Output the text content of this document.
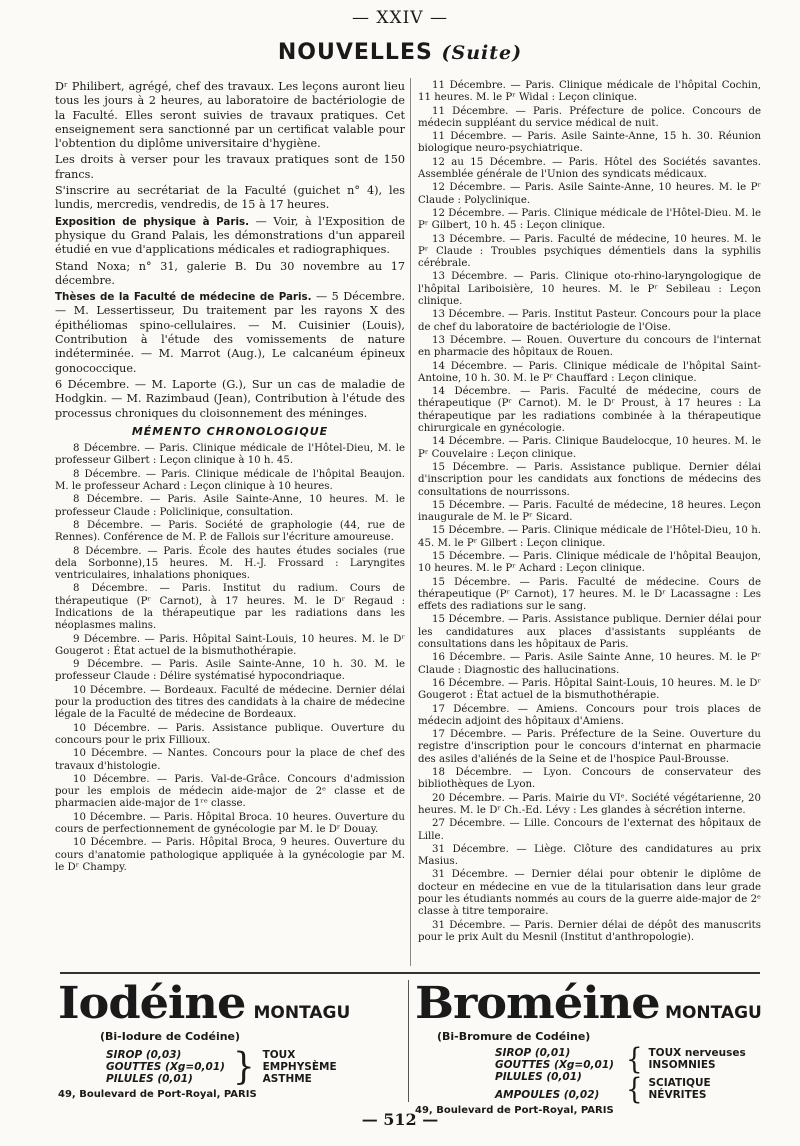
— XXIV —
NOUVELLES (Suite)

Dʳ Philibert, agrégé, chef des travaux. Les leçons auront lieu tous les jours à 2 heures, au laboratoire de bactériologie de la Faculté. Elles seront suivies de travaux pratiques. Cet enseignement sera sanctionné par un certificat valable pour l'obtention du diplôme universitaire d'hygiène.

Les droits à verser pour les travaux pratiques sont de 150 francs.

S'inscrire au secrétariat de la Faculté (guichet n° 4), les lundis, mercredis, vendredis, de 15 à 17 heures.

Exposition de physique à Paris. — Voir, à l'Exposition de physique du Grand Palais, les démonstrations d'un appareil étudié en vue d'applications médicales et radiographiques.

Stand Noxa; n° 31, galerie B. Du 30 novembre au 17 décembre.

Thèses de la Faculté de médecine de Paris. — 5 Décembre. — M. Lessertisseur, Du traitement par les rayons X des épithéliomas spino-cellulaires. — M. Cuisinier (Louis), Contribution à l'étude des vomissements de nature indéterminée. — M. Marrot (Aug.), Le calcanéum épineux gonococcique.

6 Décembre. — M. Laporte (G.), Sur un cas de maladie de Hodgkin. — M. Razimbaud (Jean), Contribution à l'étude des processus chroniques du cloisonnement des méninges.

MÉMENTO CHRONOLOGIQUE

8 Décembre. — Paris. Clinique médicale de l'Hôtel-Dieu, M. le professeur Gilbert : Leçon clinique à 10 h. 45.

8 Décembre. — Paris. Clinique médicale de l'hôpital Beaujon. M. le professeur Achard : Leçon clinique à 10 heures.

8 Décembre. — Paris. Asile Sainte-Anne, 10 heures. M. le professeur Claude : Policlinique, consultation.

8 Décembre. — Paris. Société de graphologie (44, rue de Rennes). Conférence de M. P. de Fallois sur l'écriture amoureuse.

8 Décembre. — Paris. École des hautes études sociales (rue dela Sorbonne),15 heures. M. H.-J. Frossard : Laryngites ventriculaires, inhalations phoniques.

8 Décembre. — Paris. Institut du radium. Cours de thérapeutique (Pʳ Carnot), à 17 heures. M. le Dʳ Regaud : Indications de la thérapeutique par les radiations dans les néoplasmes malins.

9 Décembre. — Paris. Hôpital Saint-Louis, 10 heures. M. le Dʳ Gougerot : État actuel de la bismuthothérapie.

9 Décembre. — Paris. Asile Sainte-Anne, 10 h. 30. M. le professeur Claude : Délire systématisé hypocondriaque.

10 Décembre. — Bordeaux. Faculté de médecine. Dernier délai pour la production des titres des candidats à la chaire de médecine légale de la Faculté de médecine de Bordeaux.

10 Décembre. — Paris. Assistance publique. Ouverture du concours pour le prix Fillioux.

10 Décembre. — Nantes. Concours pour la place de chef des travaux d'histologie.

10 Décembre. — Paris. Val-de-Grâce. Concours d'admission pour les emplois de médecin aide-major de 2ᵉ classe et de pharmacien aide-major de 1ʳᵉ classe.

10 Décembre. — Paris. Hôpital Broca. 10 heures. Ouverture du cours de perfectionnement de gynécologie par M. le Dʳ Douay.

10 Décembre. — Paris. Hôpital Broca, 9 heures. Ouverture du cours d'anatomie pathologique appliquée à la gynécologie par M. le Dʳ Champy.

11 Décembre. — Paris. Clinique médicale de l'hôpital Cochin, 11 heures. M. le Pʳ Widal : Leçon clinique.

11 Décembre. — Paris. Préfecture de police. Concours de médecin suppléant du service médical de nuit.

11 Décembre. — Paris. Asile Sainte-Anne, 15 h. 30. Réunion biologique neuro-psychiatrique.

12 au 15 Décembre. — Paris. Hôtel des Sociétés savantes. Assemblée générale de l'Union des syndicats médicaux.

12 Décembre. — Paris. Asile Sainte-Anne, 10 heures. M. le Pʳ Claude : Polyclinique.

12 Décembre. — Paris. Clinique médicale de l'Hôtel-Dieu. M. le Pʳ Gilbert, 10 h. 45 : Leçon clinique.

13 Décembre. — Paris. Faculté de médecine, 10 heures. M. le Pʳ Claude : Troubles psychiques démentiels dans la syphilis cérébrale.

13 Décembre. — Paris. Clinique oto-rhino-laryngologique de l'hôpital Lariboisière, 10 heures. M. le Pʳ Sebileau : Leçon clinique.

13 Décembre. — Paris. Institut Pasteur. Concours pour la place de chef du laboratoire de bactériologie de l'Oise.

13 Décembre. — Rouen. Ouverture du concours de l'internat en pharmacie des hôpitaux de Rouen.

14 Décembre. — Paris. Clinique médicale de l'hôpital Saint-Antoine, 10 h. 30. M. le Pʳ Chauffard : Leçon clinique.

14 Décembre. — Paris. Faculté de médecine, cours de thérapeutique (Pʳ Carnot). M. le Dʳ Proust, à 17 heures : La thérapeutique par les radiations combinée à la thérapeutique chirurgicale en gynécologie.

14 Décembre. — Paris. Clinique Baudelocque, 10 heures. M. le Pʳ Couvelaire : Leçon clinique.

15 Décembre. — Paris. Assistance publique. Dernier délai d'inscription pour les candidats aux fonctions de médecins des consultations de nourrissons.

15 Décembre. — Paris. Faculté de médecine, 18 heures. Leçon inaugurale de M. le Pʳ Sicard.

15 Décembre. — Paris. Clinique médicale de l'Hôtel-Dieu, 10 h. 45. M. le Pʳ Gilbert : Leçon clinique.

15 Décembre. — Paris. Clinique médicale de l'hôpital Beaujon, 10 heures. M. le Pʳ Achard : Leçon clinique.

15 Décembre. — Paris. Faculté de médecine. Cours de thérapeutique (Pʳ Carnot), 17 heures. M. le Dʳ Lacassagne : Les effets des radiations sur le sang.

15 Décembre. — Paris. Assistance publique. Dernier délai pour les candidatures aux places d'assistants suppléants de consultations dans les hôpitaux de Paris.

16 Décembre. — Paris. Asile Sainte Anne, 10 heures. M. le Pʳ Claude : Diagnostic des hallucinations.

16 Décembre. — Paris. Hôpital Saint-Louis, 10 heures. M. le Dʳ Gougerot : État actuel de la bismuthothérapie.

17 Décembre. — Amiens. Concours pour trois places de médecin adjoint des hôpitaux d'Amiens.

17 Décembre. — Paris. Préfecture de la Seine. Ouverture du registre d'inscription pour le concours d'internat en pharmacie des asiles d'aliénés de la Seine et de l'hospice Paul-Brousse.

18 Décembre. — Lyon. Concours de conservateur des bibliothèques de Lyon.

20 Décembre. — Paris. Mairie du VIᵉ. Société végétarienne, 20 heures. M. le Dʳ Ch.-Ed. Lévy : Les glandes à sécrétion interne.

27 Décembre. — Lille. Concours de l'externat des hôpitaux de Lille.

31 Décembre. — Liège. Clôture des candidatures au prix Masius.

31 Décembre. — Dernier délai pour obtenir le diplôme de docteur en médecine en vue de la titularisation dans leur grade pour les étudiants nommés au cours de la guerre aide-major de 2ᵉ classe à titre temporaire.

31 Décembre. — Paris. Dernier délai de dépôt des manuscrits pour le prix Ault du Mesnil (Institut d'anthropologie).

Iodéine MONTAGU
(Bi-Iodure de Codéine)
SIROP (0,03)
GOUTTES (Xg=0,01)
PILULES (0,01)	} TOUX
EMPHYSÈME
ASTHME
49, Boulevard de Port-Royal, PARIS
Broméine MONTAGU
(Bi-Bromure de Codéine)
SIROP (0,01)
GOUTTES (Xg=0,01)
PILULES (0,01)
AMPOULES (0,02)
{ TOUX nerveuses
INSOMNIES
{ SCIATIQUE
NÉVRITES
49, Boulevard de Port-Royal, PARIS
— 512 —
